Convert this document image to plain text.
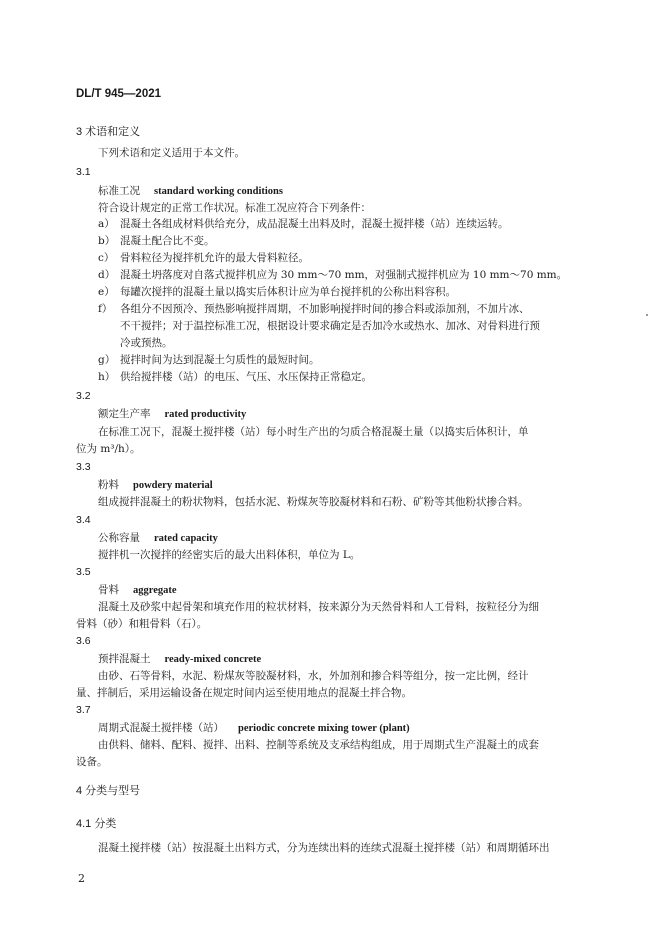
DL/T 945—2021
3 术语和定义
下列术语和定义适用于本文件。
3.1
标准工况 standard working conditions
符合设计规定的正常工作状况。标准工况应符合下列条件：
a） 混凝土各组成材料供给充分，成品混凝土出料及时，混凝土搅拌楼（站）连续运转。
b） 混凝土配合比不变。
c） 骨料粒径为搅拌机允许的最大骨料粒径。
d） 混凝土坍落度对自落式搅拌机应为 30 mm～70 mm，对强制式搅拌机应为 10 mm～70 mm。
e） 每罐次搅拌的混凝土量以捣实后体积计应为单台搅拌机的公称出料容积。
f） 各组分不因预冷、预热影响搅拌周期，不加影响搅拌时间的掺合料或添加剂，不加片冰、
不干搅拌；对于温控标准工况，根据设计要求确定是否加冷水或热水、加冰、对骨料进行预
冷或预热。
g） 搅拌时间为达到混凝土匀质性的最短时间。
h） 供给搅拌楼（站）的电压、气压、水压保持正常稳定。
3.2
额定生产率 rated productivity
在标准工况下，混凝土搅拌楼（站）每小时生产出的匀质合格混凝土量（以捣实后体积计，单
位为 m³/h）。
3.3
粉料 powdery material
组成搅拌混凝土的粉状物料，包括水泥、粉煤灰等胶凝材料和石粉、矿粉等其他粉状掺合料。
3.4
公称容量 rated capacity
搅拌机一次搅拌的经密实后的最大出料体积，单位为 L。
3.5
骨料 aggregate
混凝土及砂浆中起骨架和填充作用的粒状材料，按来源分为天然骨料和人工骨料，按粒径分为细
骨料（砂）和粗骨料（石）。
3.6
预拌混凝土 ready-mixed concrete
由砂、石等骨料，水泥、粉煤灰等胶凝材料，水，外加剂和掺合料等组分，按一定比例，经计
量、拌制后，采用运输设备在规定时间内运至使用地点的混凝土拌合物。
3.7
周期式混凝土搅拌楼（站） periodic concrete mixing tower (plant)
由供料、储料、配料、搅拌、出料、控制等系统及支承结构组成，用于周期式生产混凝土的成套
设备。
4 分类与型号
4.1 分类
混凝土搅拌楼（站）按混凝土出料方式，分为连续出料的连续式混凝土搅拌楼（站）和周期循环出
2
